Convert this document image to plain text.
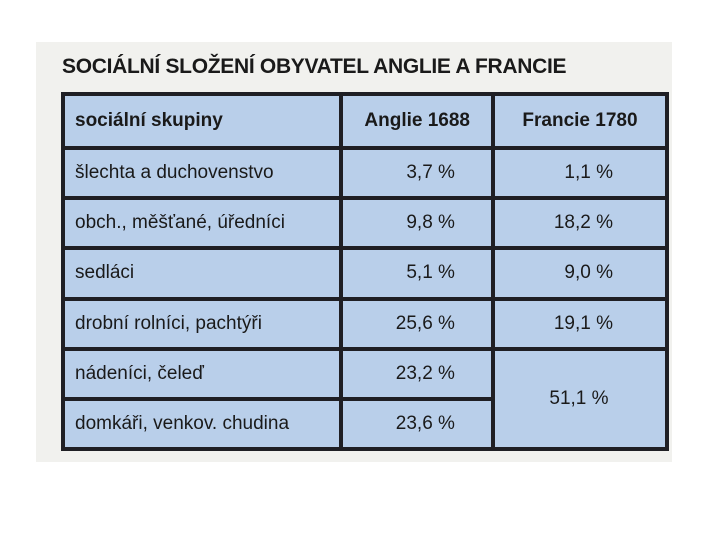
SOCIÁLNÍ SLOŽENÍ OBYVATEL ANGLIE A FRANCIE
sociální skupiny	Anglie 1688	Francie 1780
šlechta a duchovenstvo	3,7 %	1,1 %
obch., měšťané, úředníci	9,8 %	18,2 %
sedláci	5,1 %	9,0 %
drobní rolníci, pachtýři	25,6 %	19,1 %
nádeníci, čeleď	23,2 %	51,1 %
domkáři, venkov. chudina	23,6 %	
